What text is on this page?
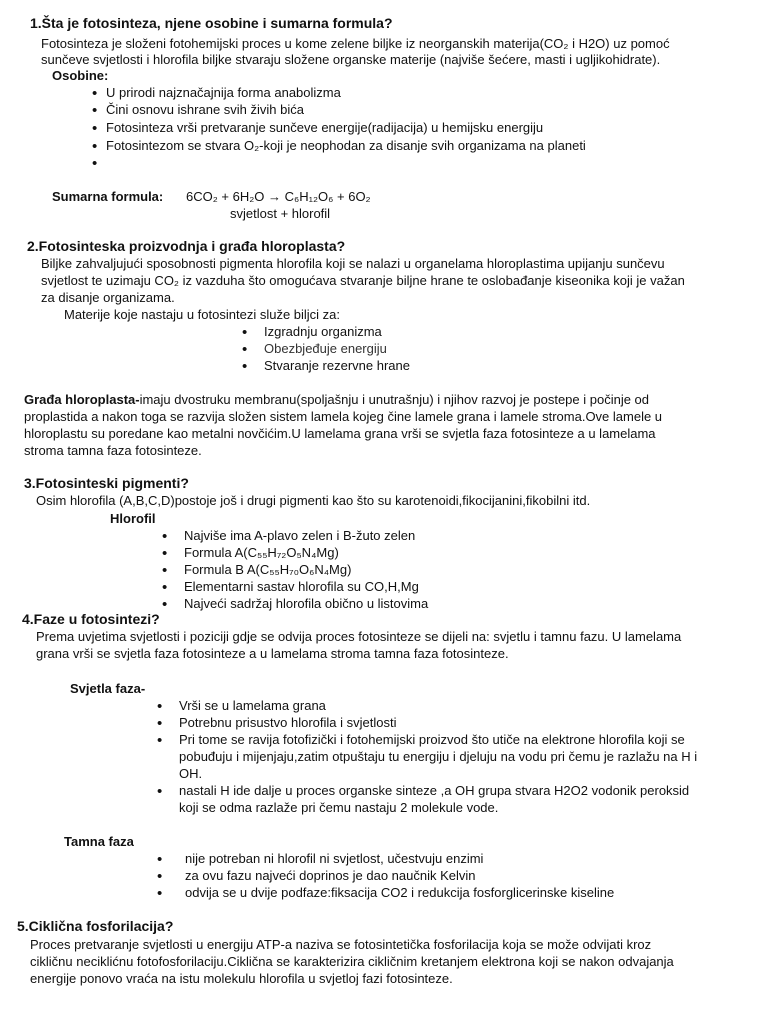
1.Šta je fotosinteza, njene osobine i sumarna formula?
Fotosinteza je složeni fotohemijski proces u kome zelene biljke iz neorganskih materija(CO₂ i H2O) uz pomoć
sunčeve svjetlosti i hlorofila biljke stvaraju složene organske materije (najviše šećere, masti i ugljikohidrate).
Osobine:
•
U prirodi najznačajnija forma anabolizma
•
Čini osnovu ishrane svih živih bića
•
Fotosinteza vrši pretvaranje sunčeve energije(radijacija) u hemijsku energiju
•
Fotosintezom se stvara O₂-koji je neophodan za disanje svih organizama na planeti
•
Sumarna formula: 6CO₂ + 6H₂O → C₆H₁₂O₆ + 6O₂
svjetlost + hlorofil
2.Fotosinteska proizvodnja i građa hloroplasta?
Biljke zahvaljujući sposobnosti pigmenta hlorofila koji se nalazi u organelama hloroplastima upijanju sunčevu
svjetlost te uzimaju CO₂ iz vazduha što omogućava stvaranje biljne hrane te oslobađanje kiseonika koji je važan
za disanje organizama.
Materije koje nastaju u fotosintezi služe biljci za:
•
Izgradnju organizma
•
Obezbjeđuje energiju
•
Stvaranje rezervne hrane
Građa hloroplasta-imaju dvostruku membranu(spoljašnju i unutrašnju) i njihov razvoj je postepe i počinje od
proplastida a nakon toga se razvija složen sistem lamela kojeg čine lamele grana i lamele stroma.Ove lamele u
hloroplastu su poredane kao metalni novčićim.U lamelama grana vrši se svjetla faza fotosinteze a u lamelama
stroma tamna faza fotosinteze.
3.Fotosinteski pigmenti?
Osim hlorofila (A,B,C,D)postoje još i drugi pigmenti kao što su karotenoidi,fikocijanini,fikobilni itd.
Hlorofil
•
Najviše ima A-plavo zelen i B-žuto zelen
•
Formula A(C₅₅H₇₂O₅N₄Mg)
•
Formula B A(C₅₅H₇₀O₆N₄Mg)
•
Elementarni sastav hlorofila su CO,H,Mg
•
Najveći sadržaj hlorofila obično u listovima
4.Faze u fotosintezi?
Prema uvjetima svjetlosti i poziciji gdje se odvija proces fotosinteze se dijeli na: svjetlu i tamnu fazu. U lamelama
grana vrši se svjetla faza fotosinteze a u lamelama stroma tamna faza fotosinteze.
Svjetla faza-
•
Vrši se u lamelama grana
•
Potrebnu prisustvo hlorofila i svjetlosti
•
Pri tome se ravija fotofizički i fotohemijski proizvod što utiče na elektrone hlorofila koji se
pobuđuju i mijenjaju,zatim otpuštaju tu energiju i djeluju na vodu pri čemu je razlažu na H i
OH.
•
nastali H ide dalje u proces organske sinteze ,a OH grupa stvara H2O2 vodonik peroksid
koji se odma razlaže pri čemu nastaju 2 molekule vode.
Tamna faza
•
nije potreban ni hlorofil ni svjetlost, učestvuju enzimi
•
za ovu fazu najveći doprinos je dao naučnik Kelvin
•
odvija se u dvije podfaze:fiksacija CO2 i redukcija fosforglicerinske kiseline
5.Ciklična fosforilacija?
Proces pretvaranje svjetlosti u energiju ATP-a naziva se fotosintetička fosforilacija koja se može odvijati kroz
cikličnu neciklićnu fotofosforilaciju.Ciklična se karakterizira cikličnim kretanjem elektrona koji se nakon odvajanja
energije ponovo vraća na istu molekulu hlorofila u svjetloj fazi fotosinteze.
